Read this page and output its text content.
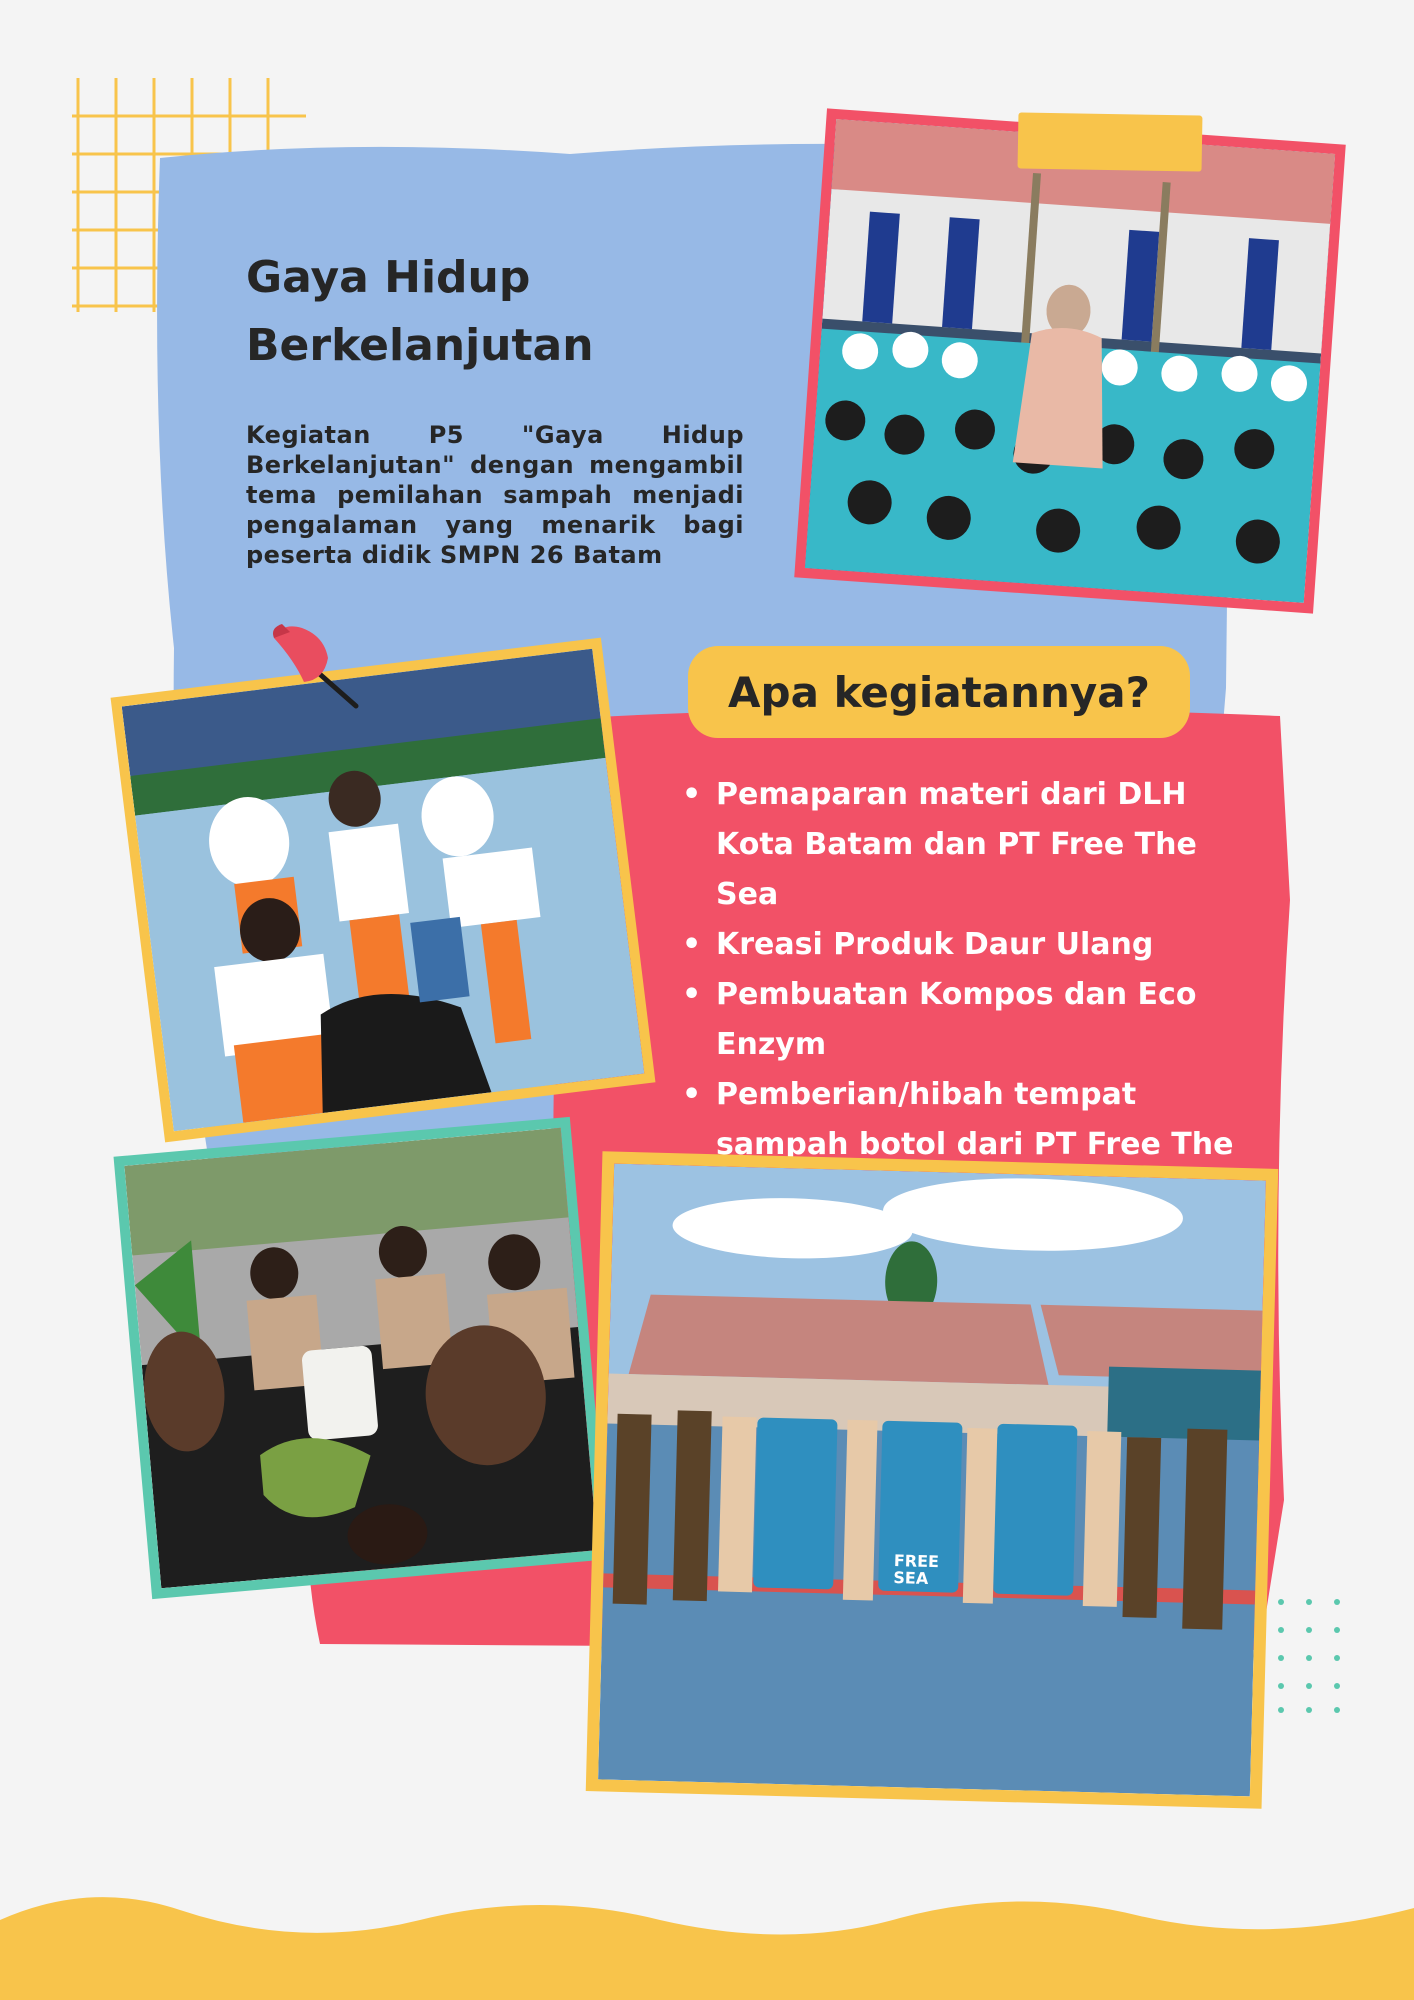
Gaya Hidup
Berkelanjutan

Kegiatan P5 "Gaya Hidup Berkelanjutan" dengan mengambil tema pemilahan sampah menjadi pengalaman yang menarik bagi peserta didik SMPN 26 Batam

Apa kegiatannya?
• Pemaparan materi dari DLH Kota Batam dan PT Free The Sea
• Kreasi Produk Daur Ulang
• Pembuatan Kompos dan Eco Enzym
• Pemberian/hibah tempat sampah botol dari PT Free The
FREE
SEA
